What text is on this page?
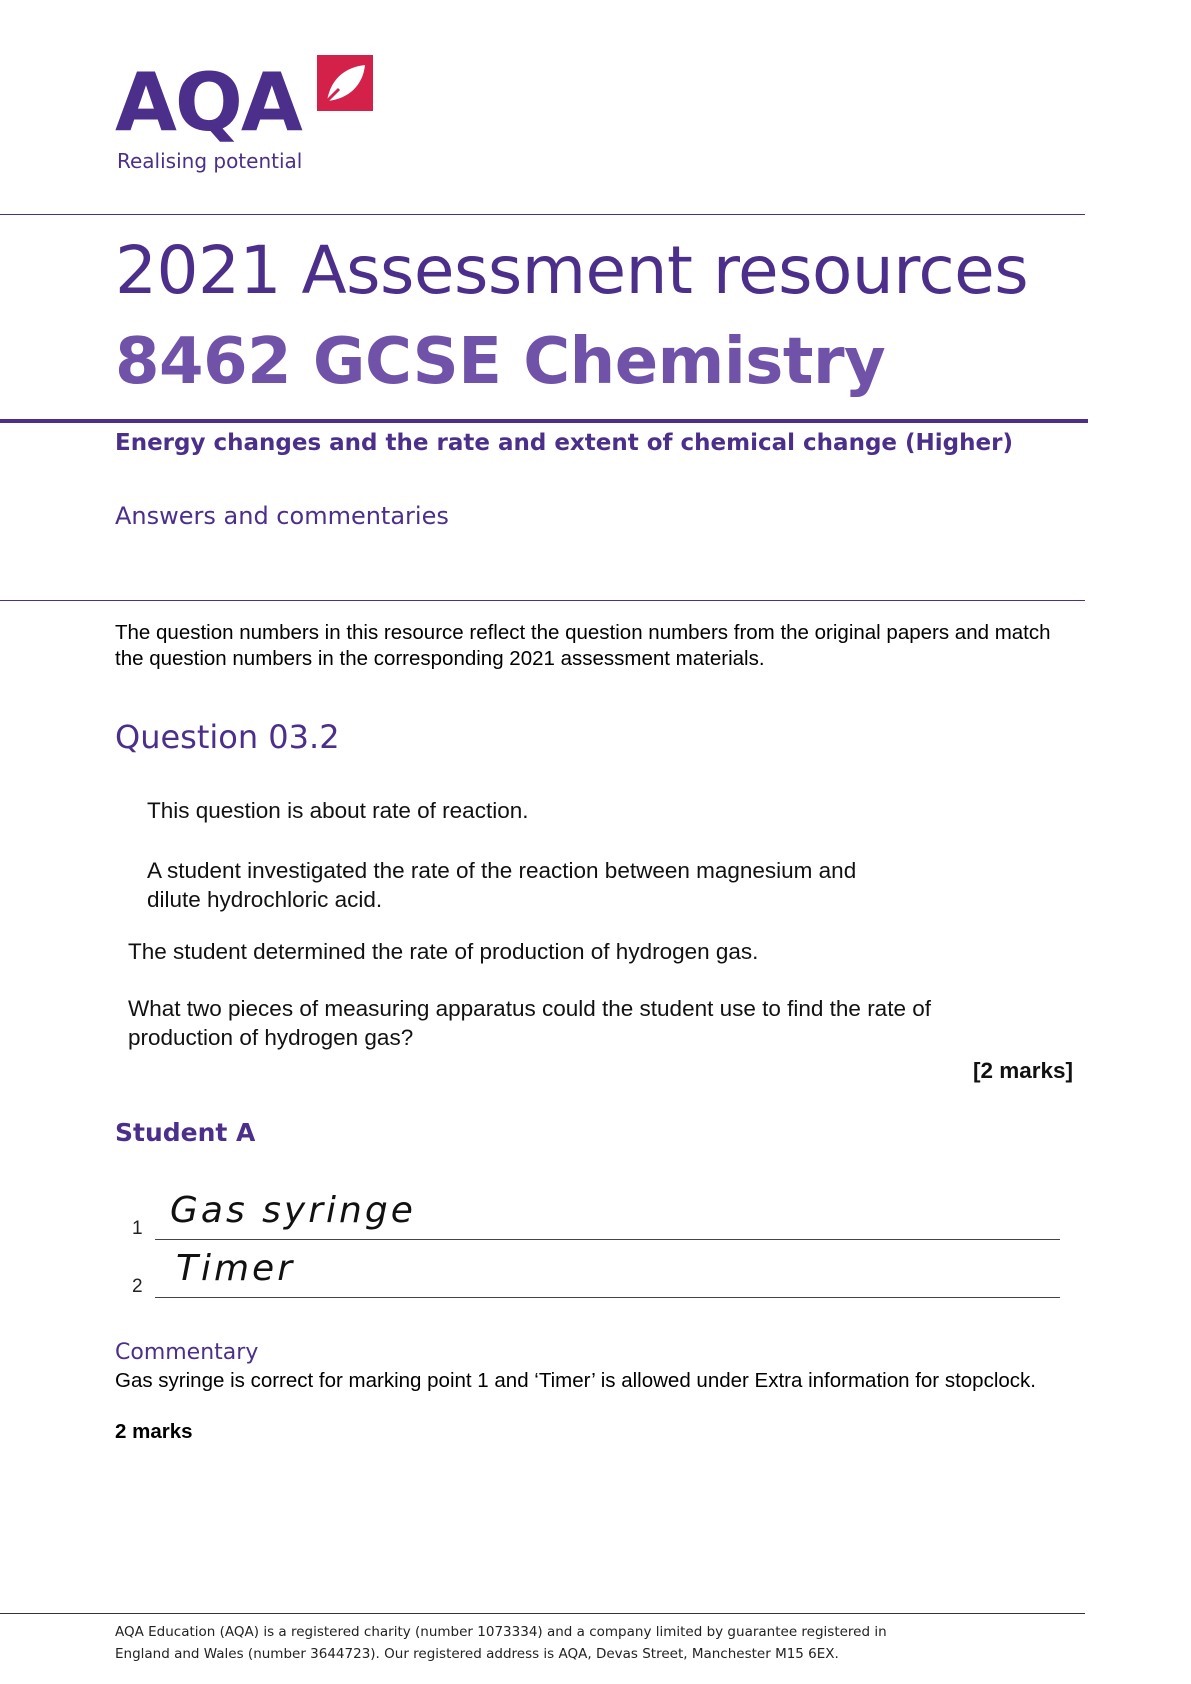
AQA
Realising potential
2021 Assessment resources
8462 GCSE Chemistry
Energy changes and the rate and extent of chemical change (Higher)
Answers and commentaries
The question numbers in this resource reflect the question numbers from the original papers and match the question numbers in the corresponding 2021 assessment materials.
Question 03.2
This question is about rate of reaction.
A student investigated the rate of the reaction between magnesium and
dilute hydrochloric acid.
The student determined the rate of production of hydrogen gas.
What two pieces of measuring apparatus could the student use to find the rate of
production of hydrogen gas?
[2 marks]
Student A
1 Gas syringe
2 Timer
Commentary
Gas syringe is correct for marking point 1 and ‘Timer’ is allowed under Extra information for stopclock.
2 marks
AQA Education (AQA) is a registered charity (number 1073334) and a company limited by guarantee registered in
England and Wales (number 3644723). Our registered address is AQA, Devas Street, Manchester M15 6EX.
